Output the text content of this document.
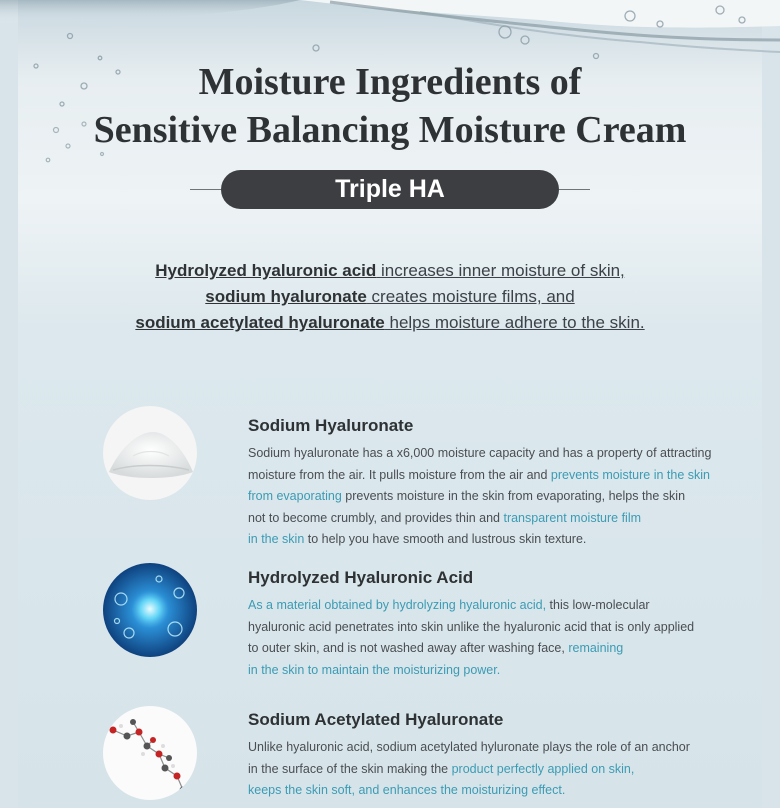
Moisture Ingredients of
Sensitive Balancing Moisture Cream
Triple HA
Hydrolyzed hyaluronic acid increases inner moisture of skin,
sodium hyaluronate creates moisture films, and
sodium acetylated hyaluronate helps moisture adhere to the skin.
Sodium Hyaluronate
Sodium hyaluronate has a x6,000 moisture capacity and has a property of attracting
moisture from the air. It pulls moisture from the air and prevents moisture in the skin
from evaporating prevents moisture in the skin from evaporating, helps the skin
not to become crumbly, and provides thin and transparent moisture film
in the skin to help you have smooth and lustrous skin texture.
Hydrolyzed Hyaluronic Acid
As a material obtained by hydrolyzing hyaluronic acid, this low-molecular
hyaluronic acid penetrates into skin unlike the hyaluronic acid that is only applied
to outer skin, and is not washed away after washing face, remaining
in the skin to maintain the moisturizing power.
Sodium Acetylated Hyaluronate
Unlike hyaluronic acid, sodium acetylated hyluronate plays the role of an anchor
in the surface of the skin making the product perfectly applied on skin,
keeps the skin soft, and enhances the moisturizing effect.
